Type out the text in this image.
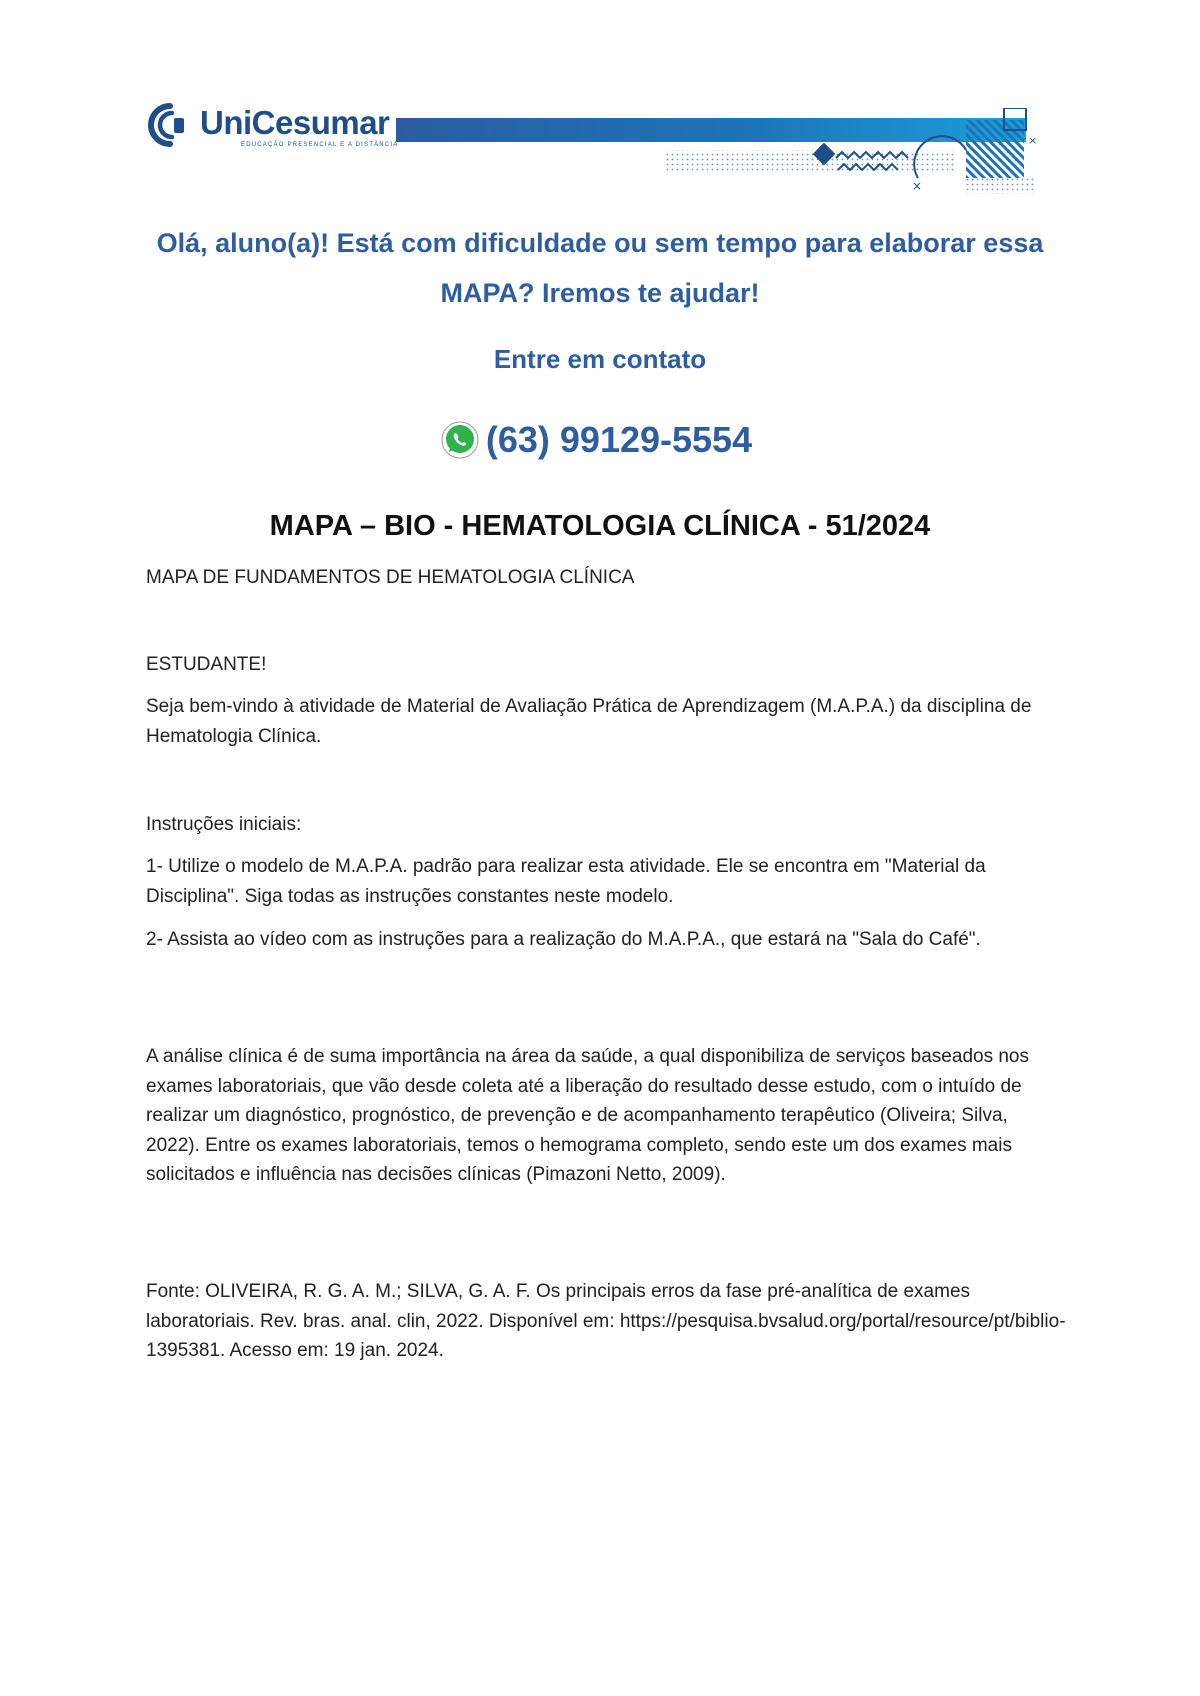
UniCesumar
EDUCAÇÃO PRESENCIAL E A DISTÂNCIA	×
×

Olá, aluno(a)! Está com dificuldade ou sem tempo para elaborar essa MAPA? Iremos te ajudar!

Entre em contato

(63) 99129-5554
MAPA – BIO - HEMATOLOGIA CLÍNICA - 51/2024

MAPA DE FUNDAMENTOS DE HEMATOLOGIA CLÍNICA

ESTUDANTE!

Seja bem-vindo à atividade de Material de Avaliação Prática de Aprendizagem (M.A.P.A.) da disciplina de Hematologia Clínica.

Instruções iniciais:

1- Utilize o modelo de M.A.P.A. padrão para realizar esta atividade. Ele se encontra em "Material da Disciplina". Siga todas as instruções constantes neste modelo.

2- Assista ao vídeo com as instruções para a realização do M.A.P.A., que estará na "Sala do Café".

A análise clínica é de suma importância na área da saúde, a qual disponibiliza de serviços baseados nos exames laboratoriais, que vão desde coleta até a liberação do resultado desse estudo, com o intuído de realizar um diagnóstico, prognóstico, de prevenção e de acompanhamento terapêutico (Oliveira; Silva, 2022). Entre os exames laboratoriais, temos o hemograma completo, sendo este um dos exames mais solicitados e influência nas decisões clínicas (Pimazoni Netto, 2009).

Fonte: OLIVEIRA, R. G. A. M.; SILVA, G. A. F. Os principais erros da fase pré-analítica de exames laboratoriais. Rev. bras. anal. clin, 2022. Disponível em: https://pesquisa.bvsalud.org/portal/resource/pt/biblio-1395381. Acesso em: 19 jan. 2024.
